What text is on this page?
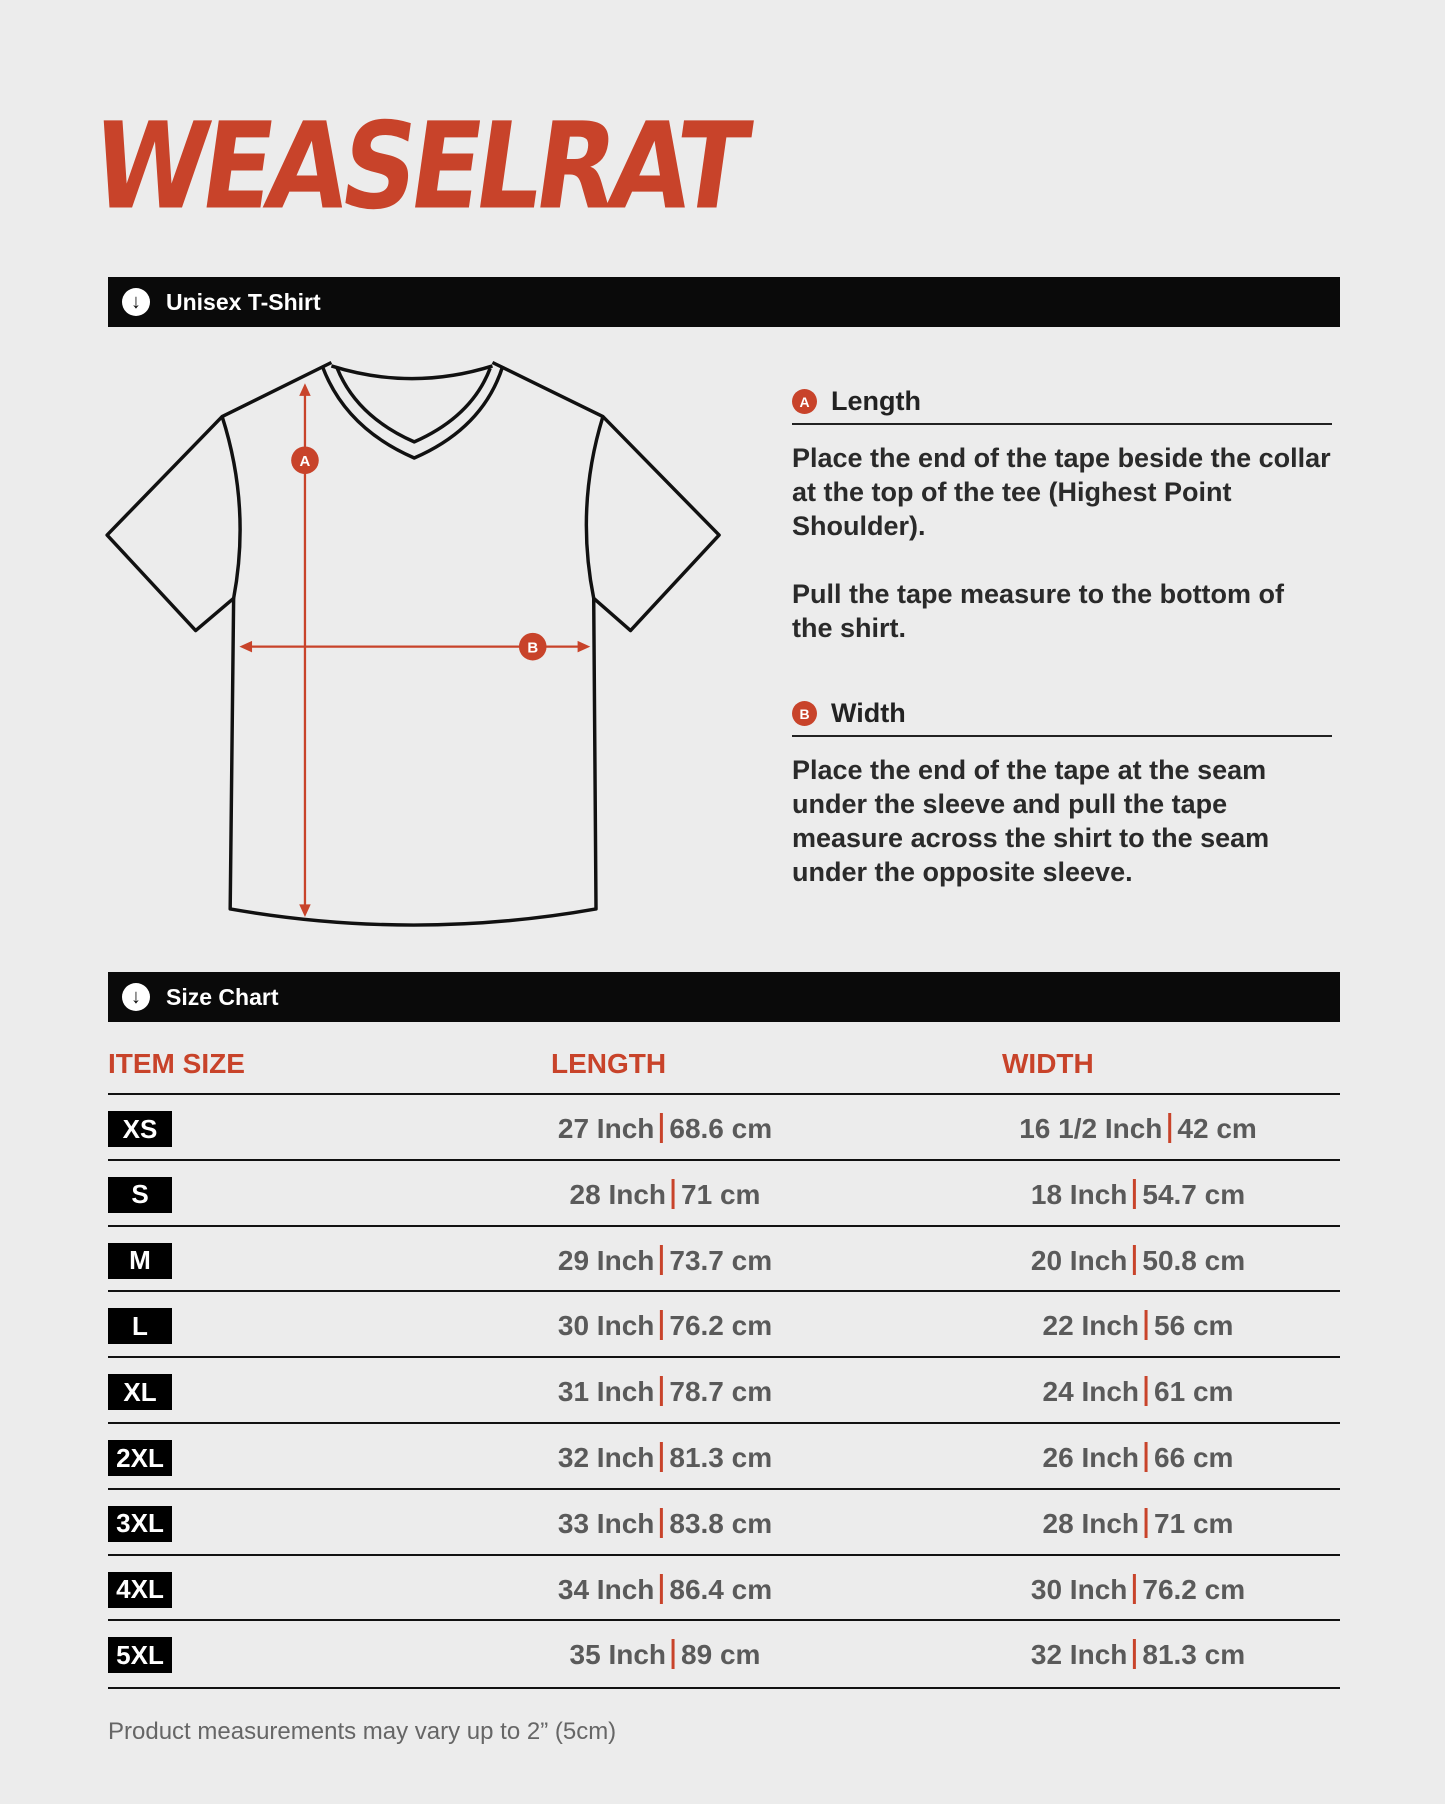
WEASELRAT
↓	Unisex T-Shirt
A
B
A Length
Place the end of the tape beside the collar at the top of the tee (Highest Point Shoulder).
Pull the tape measure to the bottom of the shirt.
B Width
Place the end of the tape at the seam under the sleeve and pull the tape measure across the shirt to the seam under the opposite sleeve.
↓	Size Chart
ITEM SIZE	LENGTH	WIDTH
XS	27 Inch 68.6 cm	16 1/2 Inch 42 cm
S	28 Inch 71 cm	18 Inch 54.7 cm
M	29 Inch 73.7 cm	20 Inch 50.8 cm
L	30 Inch 76.2 cm	22 Inch 56 cm
XL	31 Inch 78.7 cm	24 Inch 61 cm
2XL	32 Inch 81.3 cm	26 Inch 66 cm
3XL	33 Inch 83.8 cm	28 Inch 71 cm
4XL	34 Inch 86.4 cm	30 Inch 76.2 cm
5XL	35 Inch 89 cm	32 Inch 81.3 cm
Product measurements may vary up to 2” (5cm)
